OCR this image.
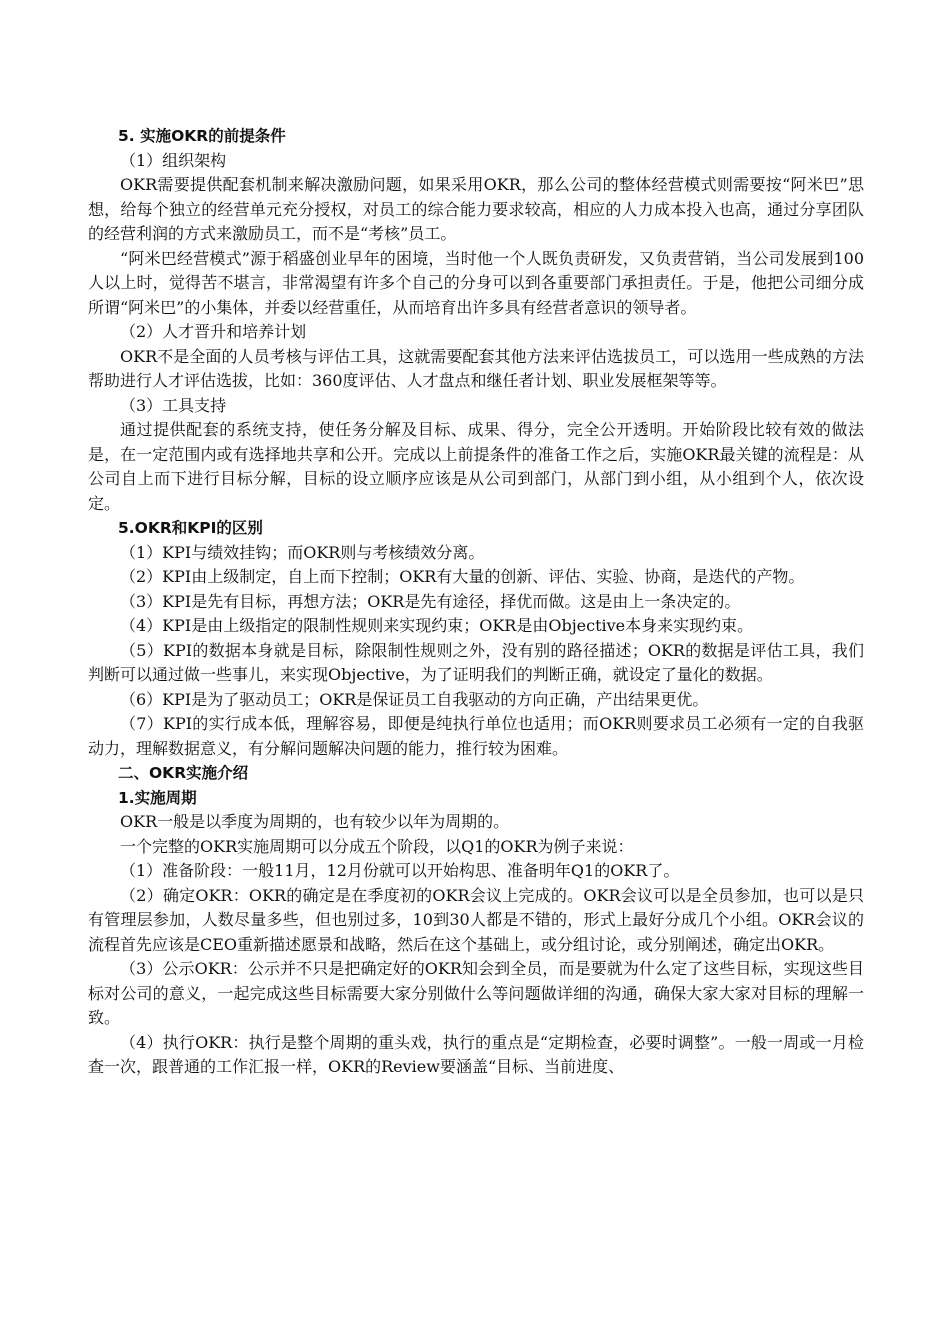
5. 实施OKR的前提条件

（1）组织架构

OKR需要提供配套机制来解决激励问题，如果采用OKR，那么公司的整体经营模式则需要按“阿米巴”思想，给每个独立的经营单元充分授权，对员工的综合能力要求较高，相应的人力成本投入也高，通过分享团队的经营利润的方式来激励员工，而不是“考核”员工。

“阿米巴经营模式”源于稻盛创业早年的困境，当时他一个人既负责研发，又负责营销，当公司发展到100人以上时，觉得苦不堪言，非常渴望有许多个自己的分身可以到各重要部门承担责任。于是，他把公司细分成所谓“阿米巴”的小集体，并委以经营重任，从而培育出许多具有经营者意识的领导者。

（2）人才晋升和培养计划

OKR不是全面的人员考核与评估工具，这就需要配套其他方法来评估选拔员工，可以选用一些成熟的方法帮助进行人才评估选拔，比如：360度评估、人才盘点和继任者计划、职业发展框架等等。

（3）工具支持

通过提供配套的系统支持，使任务分解及目标、成果、得分，完全公开透明。开始阶段比较有效的做法是，在一定范围内或有选择地共享和公开。完成以上前提条件的准备工作之后，实施OKR最关键的流程是：从公司自上而下进行目标分解，目标的设立顺序应该是从公司到部门，从部门到小组，从小组到个人，依次设定。

5.OKR和KPI的区别

（1）KPI与绩效挂钩；而OKR则与考核绩效分离。

（2）KPI由上级制定，自上而下控制；OKR有大量的创新、评估、实验、协商，是迭代的产物。

（3）KPI是先有目标，再想方法；OKR是先有途径，择优而做。这是由上一条决定的。

（4）KPI是由上级指定的限制性规则来实现约束；OKR是由Objective本身来实现约束。

（5）KPI的数据本身就是目标，除限制性规则之外，没有别的路径描述；OKR的数据是评估工具，我们判断可以通过做一些事儿，来实现Objective，为了证明我们的判断正确，就设定了量化的数据。

（6）KPI是为了驱动员工；OKR是保证员工自我驱动的方向正确，产出结果更优。

（7）KPI的实行成本低，理解容易，即便是纯执行单位也适用；而OKR则要求员工必须有一定的自我驱动力，理解数据意义，有分解问题解决问题的能力，推行较为困难。

二、OKR实施介绍

1.实施周期

OKR一般是以季度为周期的，也有较少以年为周期的。

一个完整的OKR实施周期可以分成五个阶段，以Q1的OKR为例子来说：

（1）准备阶段：一般11月，12月份就可以开始构思、准备明年Q1的OKR了。

（2）确定OKR：OKR的确定是在季度初的OKR会议上完成的。OKR会议可以是全员参加，也可以是只有管理层参加，人数尽量多些，但也别过多，10到30人都是不错的，形式上最好分成几个小组。OKR会议的流程首先应该是CEO重新描述愿景和战略，然后在这个基础上，或分组讨论，或分别阐述，确定出OKR。

（3）公示OKR：公示并不只是把确定好的OKR知会到全员，而是要就为什么定了这些目标，实现这些目标对公司的意义，一起完成这些目标需要大家分别做什么等问题做详细的沟通，确保大家大家对目标的理解一致。

（4）执行OKR：执行是整个周期的重头戏，执行的重点是“定期检查，必要时调整”。一般一周或一月检查一次，跟普通的工作汇报一样，OKR的Review要涵盖“目标、当前进度、
